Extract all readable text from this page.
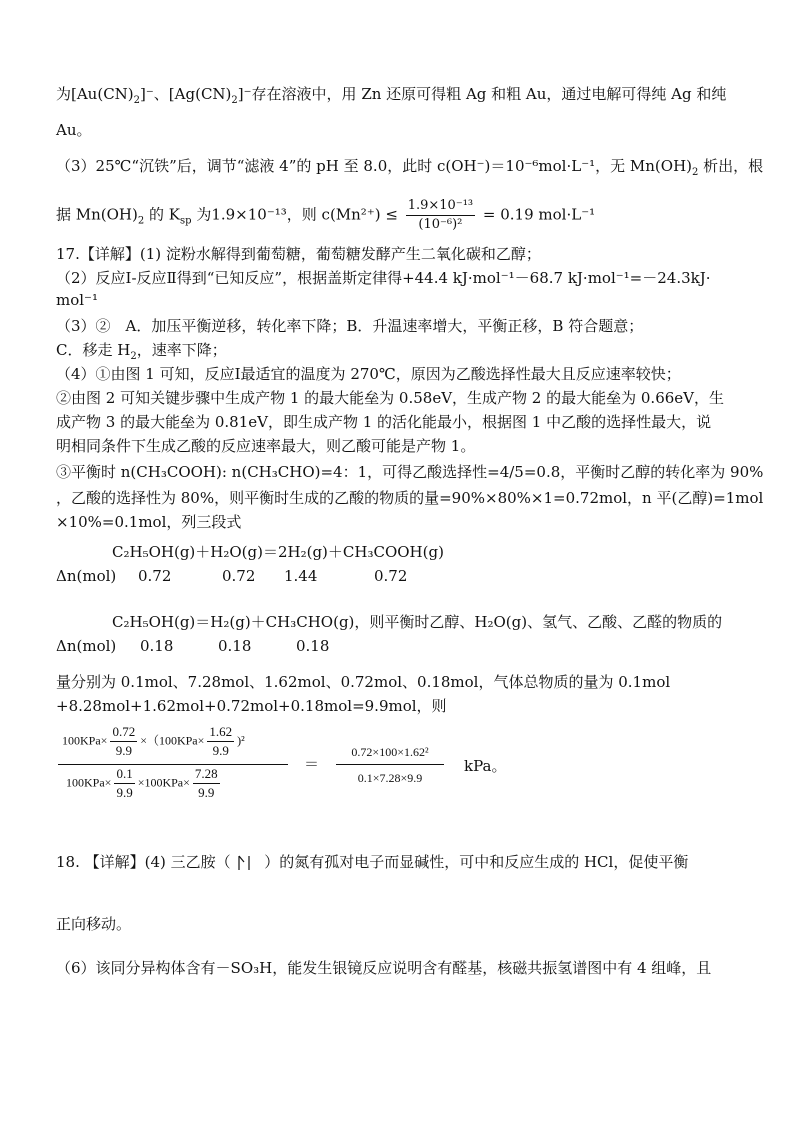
为$[Au(CN)_2]^-$、$[Ag(CN)_2]^-$存在溶液中，用 Zn 还原可得粗 Ag 和粗 Au，通过电解可得纯 Ag 和纯
Au。
（3）25℃“沉铁”后，调节“滤液 4”的 pH 至 8.0，此时 c(OH⁻)＝10⁻⁶mol·L⁻¹，无 $Mn(OH)_2$ 析出，根
据 $Mn(OH)_2$ 的 $K_{sp}$ 为1.9×10⁻¹³，则 $c(Mn^{2+}) \le \frac{\text{1.9×10⁻¹³}}{\text{(10⁻⁶)²}} = 0.19$ mol·L⁻¹
17.【详解】(1) 淀粉水解得到葡萄糖，葡萄糖发酵产生二氧化碳和乙醇；
（2）反应Ⅰ-反应Ⅱ得到“已知反应”，根据盖斯定律得+44.4 kJ·mol⁻¹－68.7 kJ·mol⁻¹=－24.3kJ·
mol⁻¹
（3）②　A．加压平衡逆移，转化率下降；B．升温速率增大，平衡正移，B 符合题意；
C．移走 $H_2$，速率下降；
（4）①由图 1 可知，反应Ⅰ最适宜的温度为 270℃，原因为乙酸选择性最大且反应速率较快；
②由图 2 可知关键步骤中生成产物 1 的最大能垒为 0.58eV，生成产物 2 的最大能垒为 0.66eV，生
成产物 3 的最大能垒为 0.81eV，即生成产物 1 的活化能最小，根据图 1 中乙酸的选择性最大，说
明相同条件下生成乙酸的反应速率最大，则乙酸可能是产物 1。
③平衡时 n(CH₃COOH): n(CH₃CHO)=4：1，可得乙酸选择性=4/5=0.8，平衡时乙醇的转化率为 90%
，乙酸的选择性为 80%，则平衡时生成的乙酸的物质的量=90%×80%×1=0.72mol，n 平(乙醇)=1mol
×10%=0.1mol，列三段式
C₂H₅OH(g)＋H₂O(g)＝2H₂(g)＋CH₃COOH(g)
Δn(mol) 0.72	0.72 1.44	0.72
C₂H₅OH(g)＝H₂(g)＋CH₃CHO(g)，则平衡时乙醇、H₂O(g)、氢气、乙酸、乙醛的物质的
Δn(mol) 0.18	0.18	0.18
量分别为 0.1mol、7.28mol、1.62mol、0.72mol、0.18mol，气体总物质的量为 0.1mol
+8.28mol+1.62mol+0.72mol+0.18mol=9.9mol，则
$100KPa\times \frac{0.72}{9.9} \times(100KPa\times \frac{1.62}{9.9} )^2$
$100KPa\times \frac{0.1}{9.9} \times 100KPa\times \frac{7.28}{9.9}$
＝
0.72×100×1.62²
0.1×7.28×9.9
kPa。
18. 【详解】(4) 三乙胺（ ）的氮有孤对电子而显碱性，可中和反应生成的 HCl，促使平衡
正向移动。
（6）该同分异构体含有－SO₃H，能发生银镜反应说明含有醛基，核磁共振氢谱图中有 4 组峰，且
